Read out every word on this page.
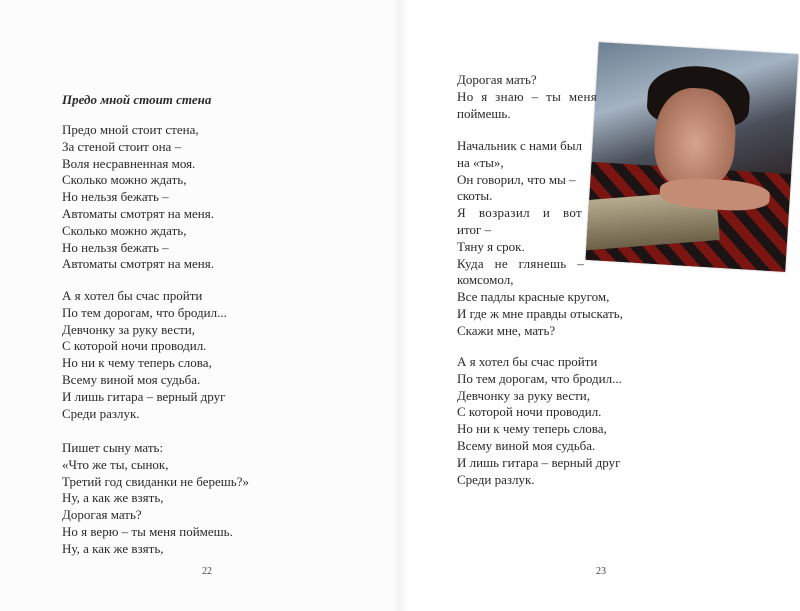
Предо мной стоит стена
Предо мной стоит стена,
За стеной стоит она –
Воля несравненная моя.
Сколько можно ждать,
Но нельзя бежать –
Автоматы смотрят на меня.
Сколько можно ждать,
Но нельзя бежать –
Автоматы смотрят на меня.
А я хотел бы счас пройти
По тем дорогам, что бродил...
Девчонку за руку вести,
С которой ночи проводил.
Но ни к чему теперь слова,
Всему виной моя судьба.
И лишь гитара – верный друг
Среди разлук.
Пишет сыну мать:
«Что же ты, сынок,
Третий год свиданки не берешь?»
Ну, а как же взять,
Дорогая мать?
Но я верю – ты меня поймешь.
Ну, а как же взять,
22
Дорогая мать?
Но я знаю – ты меня
поймешь.
Начальник с нами был
на «ты»,
Он говорил, что мы –
скоты.
Я возразил и вот
итог –
Тяну я срок.
Куда не глянешь –
комсомол,
Все падлы красные кругом,
И где ж мне правды отыскать,
Скажи мне, мать?
А я хотел бы счас пройти
По тем дорогам, что бродил...
Девчонку за руку вести,
С которой ночи проводил.
Но ни к чему теперь слова,
Всему виной моя судьба.
И лишь гитара – верный друг
Среди разлук.
23
